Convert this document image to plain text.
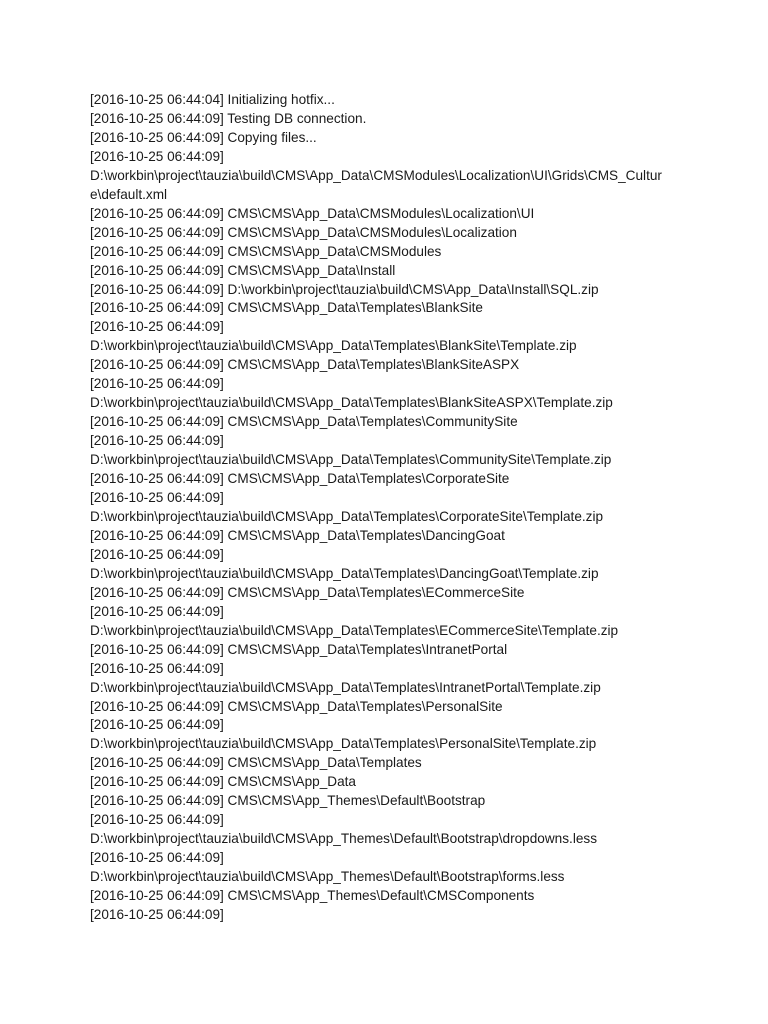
[2016-10-25 06:44:04] Initializing hotfix...
[2016-10-25 06:44:09] Testing DB connection.
[2016-10-25 06:44:09] Copying files...
[2016-10-25 06:44:09]
D:\workbin\project\tauzia\build\CMS\App_Data\CMSModules\Localization\UI\Grids\CMS_Cultur
e\default.xml
[2016-10-25 06:44:09] CMS\CMS\App_Data\CMSModules\Localization\UI
[2016-10-25 06:44:09] CMS\CMS\App_Data\CMSModules\Localization
[2016-10-25 06:44:09] CMS\CMS\App_Data\CMSModules
[2016-10-25 06:44:09] CMS\CMS\App_Data\Install
[2016-10-25 06:44:09] D:\workbin\project\tauzia\build\CMS\App_Data\Install\SQL.zip
[2016-10-25 06:44:09] CMS\CMS\App_Data\Templates\BlankSite
[2016-10-25 06:44:09]
D:\workbin\project\tauzia\build\CMS\App_Data\Templates\BlankSite\Template.zip
[2016-10-25 06:44:09] CMS\CMS\App_Data\Templates\BlankSiteASPX
[2016-10-25 06:44:09]
D:\workbin\project\tauzia\build\CMS\App_Data\Templates\BlankSiteASPX\Template.zip
[2016-10-25 06:44:09] CMS\CMS\App_Data\Templates\CommunitySite
[2016-10-25 06:44:09]
D:\workbin\project\tauzia\build\CMS\App_Data\Templates\CommunitySite\Template.zip
[2016-10-25 06:44:09] CMS\CMS\App_Data\Templates\CorporateSite
[2016-10-25 06:44:09]
D:\workbin\project\tauzia\build\CMS\App_Data\Templates\CorporateSite\Template.zip
[2016-10-25 06:44:09] CMS\CMS\App_Data\Templates\DancingGoat
[2016-10-25 06:44:09]
D:\workbin\project\tauzia\build\CMS\App_Data\Templates\DancingGoat\Template.zip
[2016-10-25 06:44:09] CMS\CMS\App_Data\Templates\ECommerceSite
[2016-10-25 06:44:09]
D:\workbin\project\tauzia\build\CMS\App_Data\Templates\ECommerceSite\Template.zip
[2016-10-25 06:44:09] CMS\CMS\App_Data\Templates\IntranetPortal
[2016-10-25 06:44:09]
D:\workbin\project\tauzia\build\CMS\App_Data\Templates\IntranetPortal\Template.zip
[2016-10-25 06:44:09] CMS\CMS\App_Data\Templates\PersonalSite
[2016-10-25 06:44:09]
D:\workbin\project\tauzia\build\CMS\App_Data\Templates\PersonalSite\Template.zip
[2016-10-25 06:44:09] CMS\CMS\App_Data\Templates
[2016-10-25 06:44:09] CMS\CMS\App_Data
[2016-10-25 06:44:09] CMS\CMS\App_Themes\Default\Bootstrap
[2016-10-25 06:44:09]
D:\workbin\project\tauzia\build\CMS\App_Themes\Default\Bootstrap\dropdowns.less
[2016-10-25 06:44:09]
D:\workbin\project\tauzia\build\CMS\App_Themes\Default\Bootstrap\forms.less
[2016-10-25 06:44:09] CMS\CMS\App_Themes\Default\CMSComponents
[2016-10-25 06:44:09]
